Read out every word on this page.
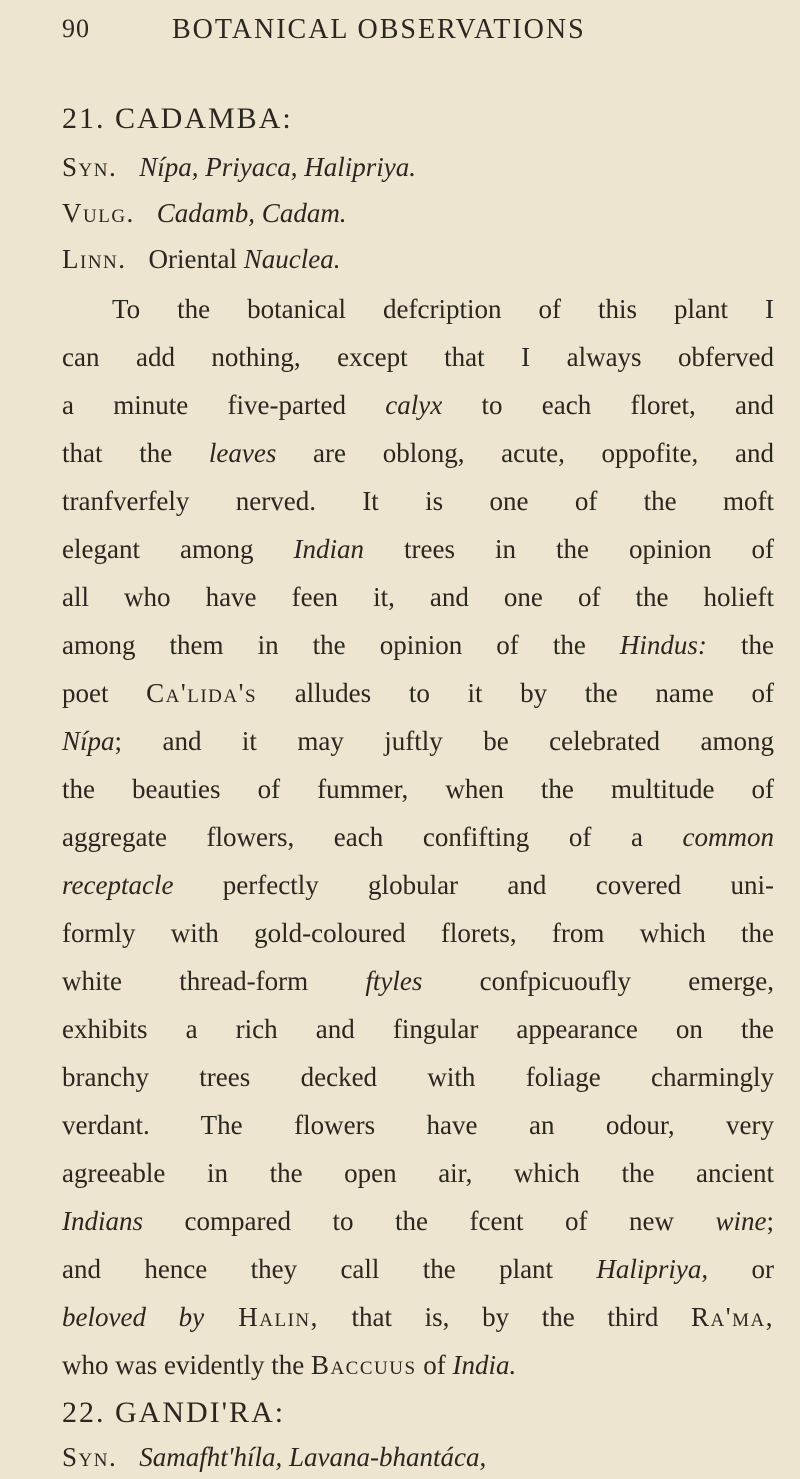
90	BOTANICAL OBSERVATIONS
21. CADAMBA:
Syn. Nípa, Priyaca, Halipriya.
Vulg. Cadamb, Cadam.
Linn. Oriental Nauclea.
To the botanical defcription of this plant I
can add nothing, except that I always obferved
a minute five-parted calyx to each floret, and
that the leaves are oblong, acute, oppofite, and
tranfverfely nerved. It is one of the moft
elegant among Indian trees in the opinion of
all who have feen it, and one of the holieft
among them in the opinion of the Hindus: the
poet Ca'lida's alludes to it by the name of
Nípa; and it may juftly be celebrated among
the beauties of fummer, when the multitude of
aggregate flowers, each confifting of a common
receptacle perfectly globular and covered uni-
formly with gold-coloured florets, from which the
white thread-form ftyles confpicuoufly emerge,
exhibits a rich and fingular appearance on the
branchy trees decked with foliage charmingly
verdant. The flowers have an odour, very
agreeable in the open air, which the ancient
Indians compared to the fcent of new wine;
and hence they call the plant Halipriya, or
beloved by Halin, that is, by the third Ra'ma,
who was evidently the Baccuus of India.
22. GANDI'RA:
Syn. Samafht'híla, Lavana-bhantáca,
